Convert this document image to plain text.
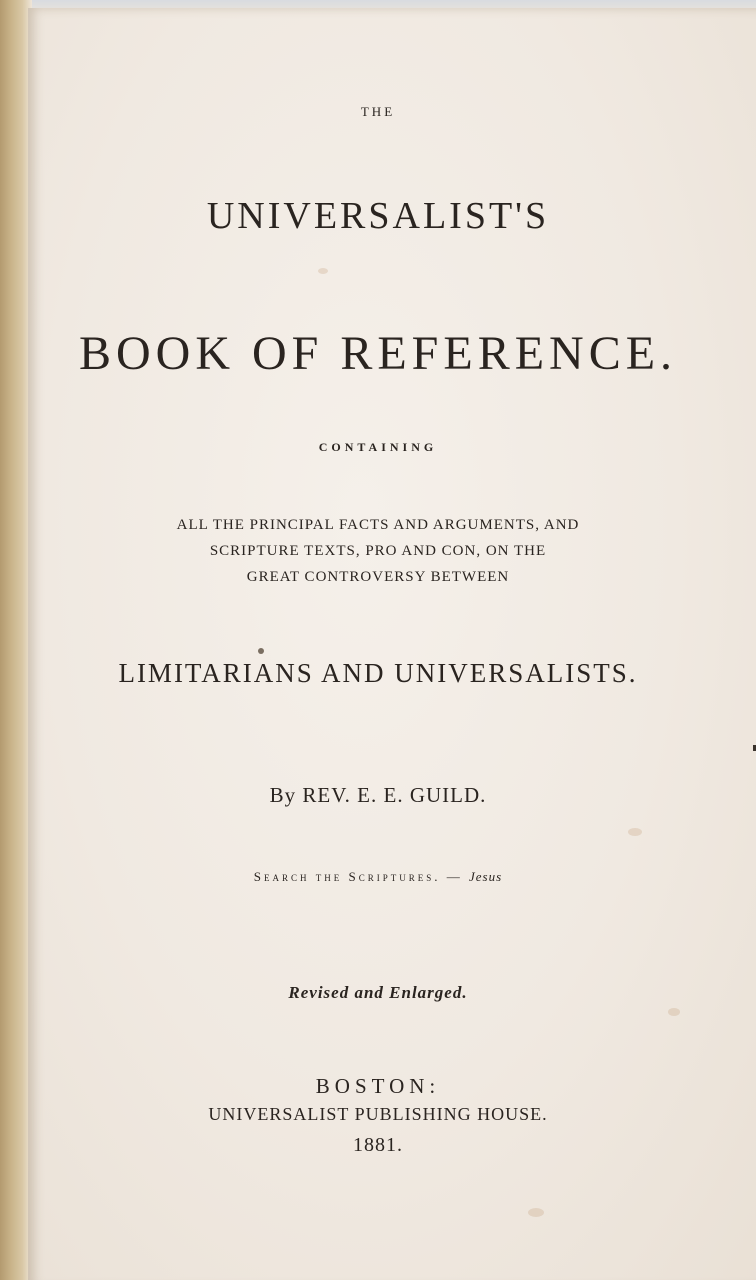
THE
UNIVERSALIST'S
BOOK OF REFERENCE.
CONTAINING
ALL THE PRINCIPAL FACTS AND ARGUMENTS, AND
SCRIPTURE TEXTS, PRO AND CON, ON THE
GREAT CONTROVERSY BETWEEN
LIMITARIANS AND UNIVERSALISTS.
By REV. E. E. GUILD.
Search the Scriptures. — Jesus
Revised and Enlarged.
BOSTON:
UNIVERSALIST PUBLISHING HOUSE.
1881.
